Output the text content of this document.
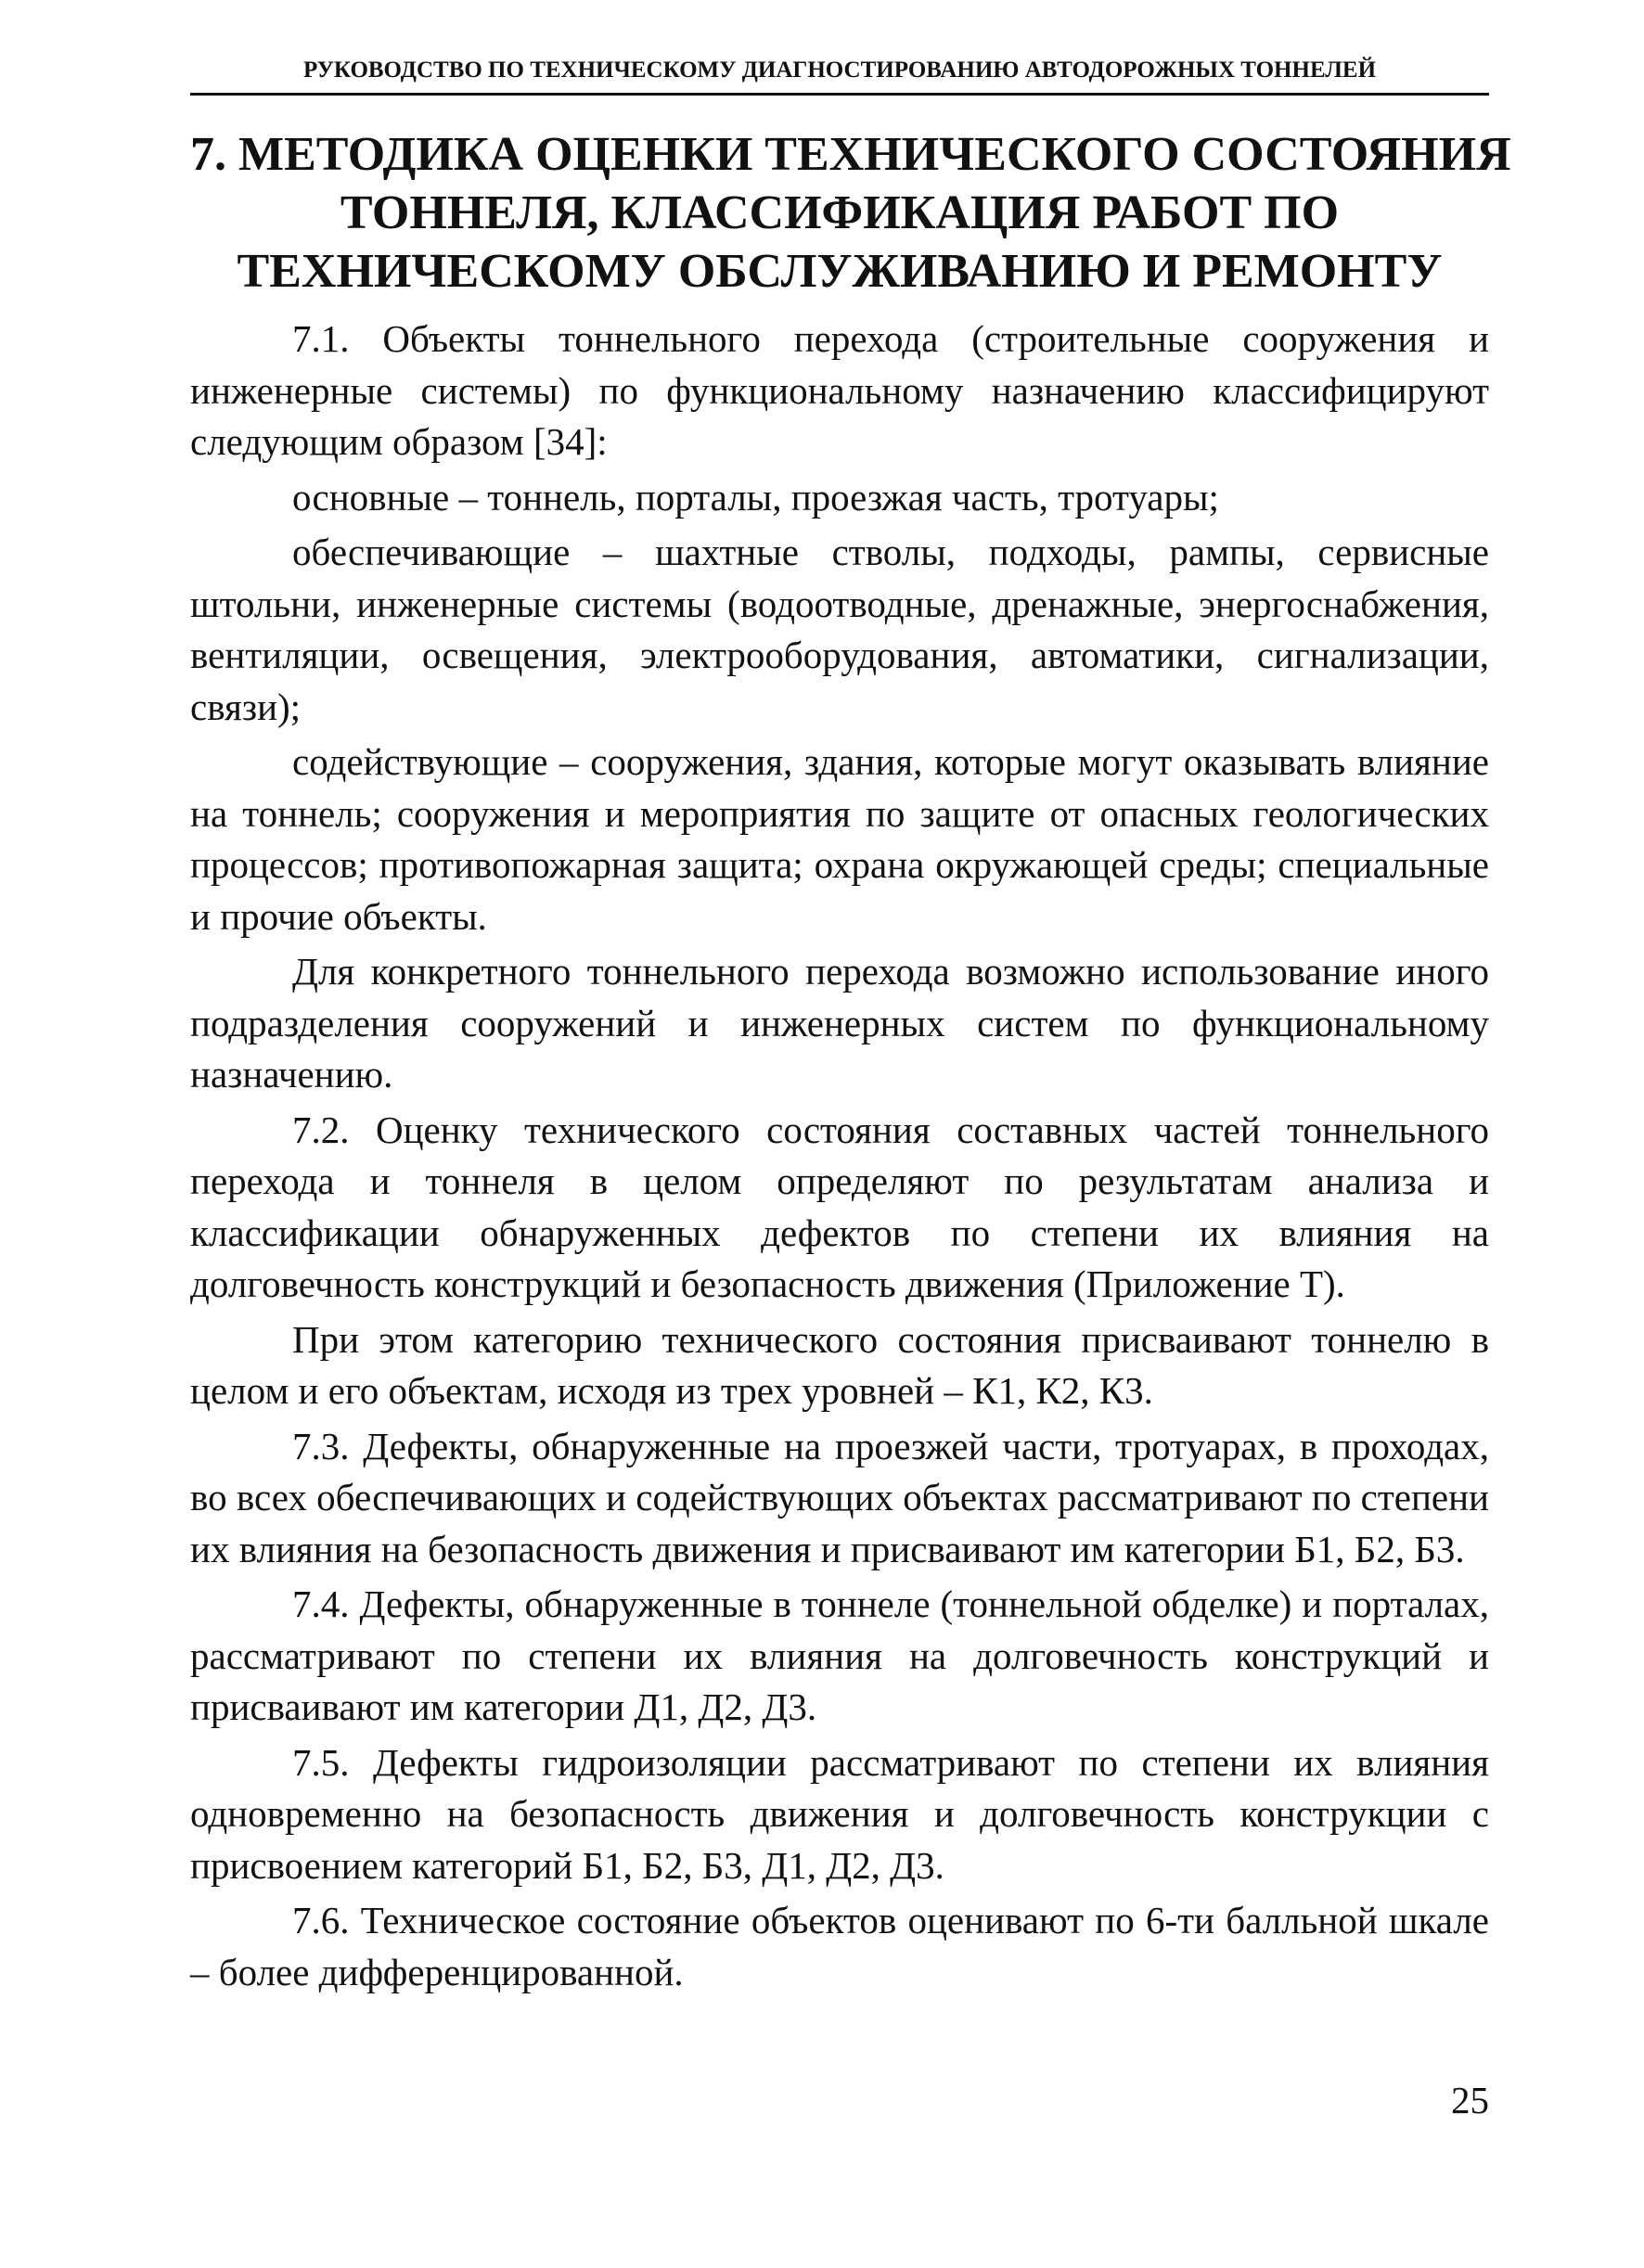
РУКОВОДСТВО ПО ТЕХНИЧЕСКОМУ ДИАГНОСТИРОВАНИЮ АВТОДОРОЖНЫХ ТОННЕЛЕЙ
7. МЕТОДИКА ОЦЕНКИ ТЕХНИЧЕСКОГО СОСТОЯНИЯ
ТОННЕЛЯ, КЛАССИФИКАЦИЯ РАБОТ ПО
ТЕХНИЧЕСКОМУ ОБСЛУЖИВАНИЮ И РЕМОНТУ

7.1. Объекты тоннельного перехода (строительные сооружения и инженерные системы) по функциональному назначению классифицируют следующим образом [34]:

основные – тоннель, порталы, проезжая часть, тротуары;

обеспечивающие – шахтные стволы, подходы, рампы, сервисные штольни, инженерные системы (водоотводные, дренажные, энергоснабжения, вентиляции, освещения, электрооборудования, автоматики, сигнализации, связи);

содействующие – сооружения, здания, которые могут оказывать влияние на тоннель; сооружения и мероприятия по защите от опасных геологических процессов; противопожарная защита; охрана окружающей среды; специальные и прочие объекты.

Для конкретного тоннельного перехода возможно использование иного подразделения сооружений и инженерных систем по функциональному назначению.

7.2. Оценку технического состояния составных частей тоннельного перехода и тоннеля в целом определяют по результатам анализа и классификации обнаруженных дефектов по степени их влияния на долговечность конструкций и безопасность движения (Приложение Т).

При этом категорию технического состояния присваивают тоннелю в целом и его объектам, исходя из трех уровней – К1, К2, К3.

7.3. Дефекты, обнаруженные на проезжей части, тротуарах, в проходах, во всех обеспечивающих и содействующих объектах рассматривают по степени их влияния на безопасность движения и присваивают им категории Б1, Б2, Б3.

7.4. Дефекты, обнаруженные в тоннеле (тоннельной обделке) и порталах, рассматривают по степени их влияния на долговечность конструкций и присваивают им категории Д1, Д2, Д3.

7.5. Дефекты гидроизоляции рассматривают по степени их влияния одновременно на безопасность движения и долговечность конструкции с присвоением категорий Б1, Б2, Б3, Д1, Д2, Д3.

7.6. Техническое состояние объектов оценивают по 6-ти балльной шкале – более дифференцированной.

25
